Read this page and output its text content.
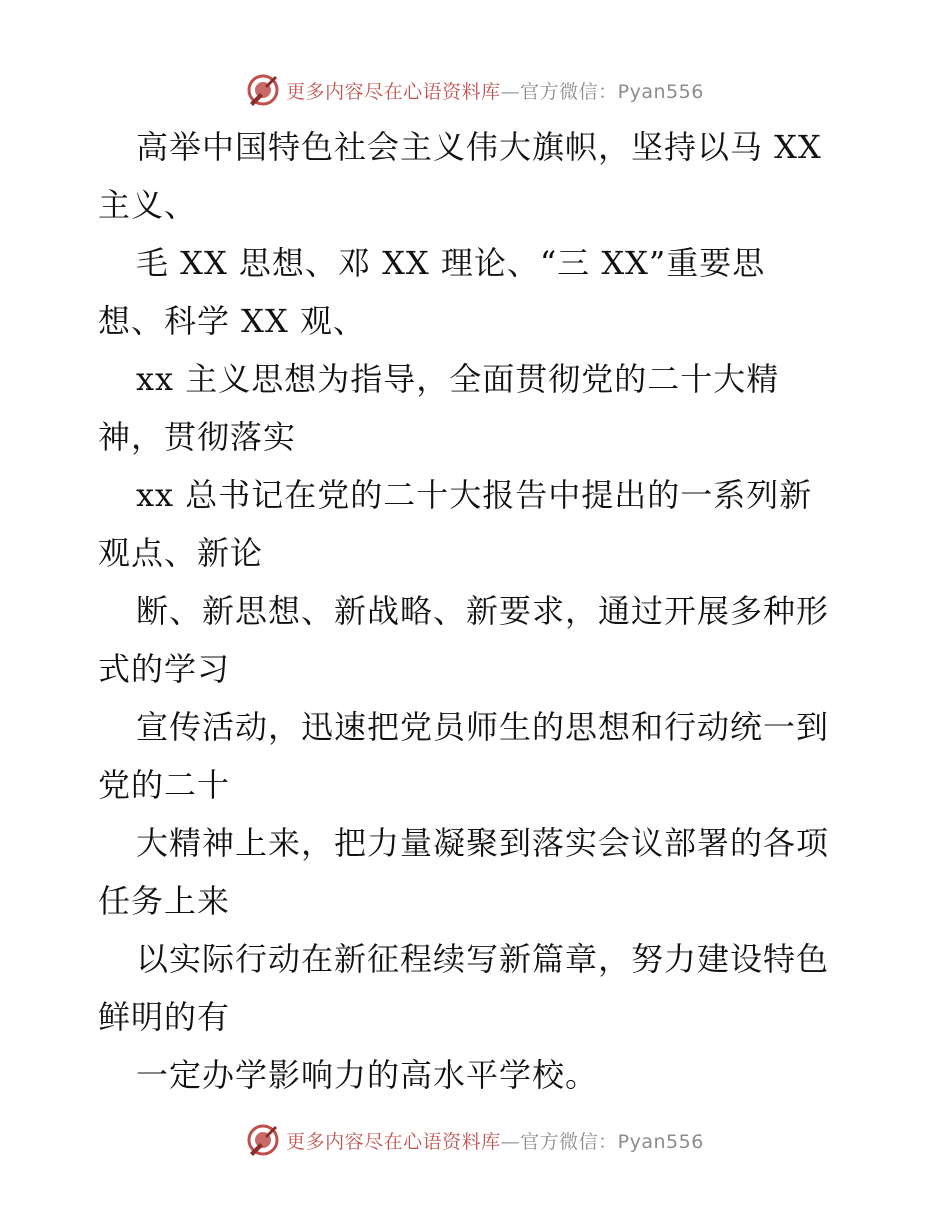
更多内容尽在心语资料库—官方微信：Pyan556
高举中国特色社会主义伟大旗帜，坚持以马 XX
主义、
毛 XX 思想、邓 XX 理论、“三 XX”重要思
想、科学 XX 观、
xx 主义思想为指导，全面贯彻党的二十大精
神，贯彻落实
xx 总书记在党的二十大报告中提出的一系列新
观点、新论
断、新思想、新战略、新要求，通过开展多种形
式的学习
宣传活动，迅速把党员师生的思想和行动统一到
党的二十
大精神上来，把力量凝聚到落实会议部署的各项
任务上来
以实际行动在新征程续写新篇章，努力建设特色
鲜明的有
一定办学影响力的高水平学校。
更多内容尽在心语资料库—官方微信：Pyan556
